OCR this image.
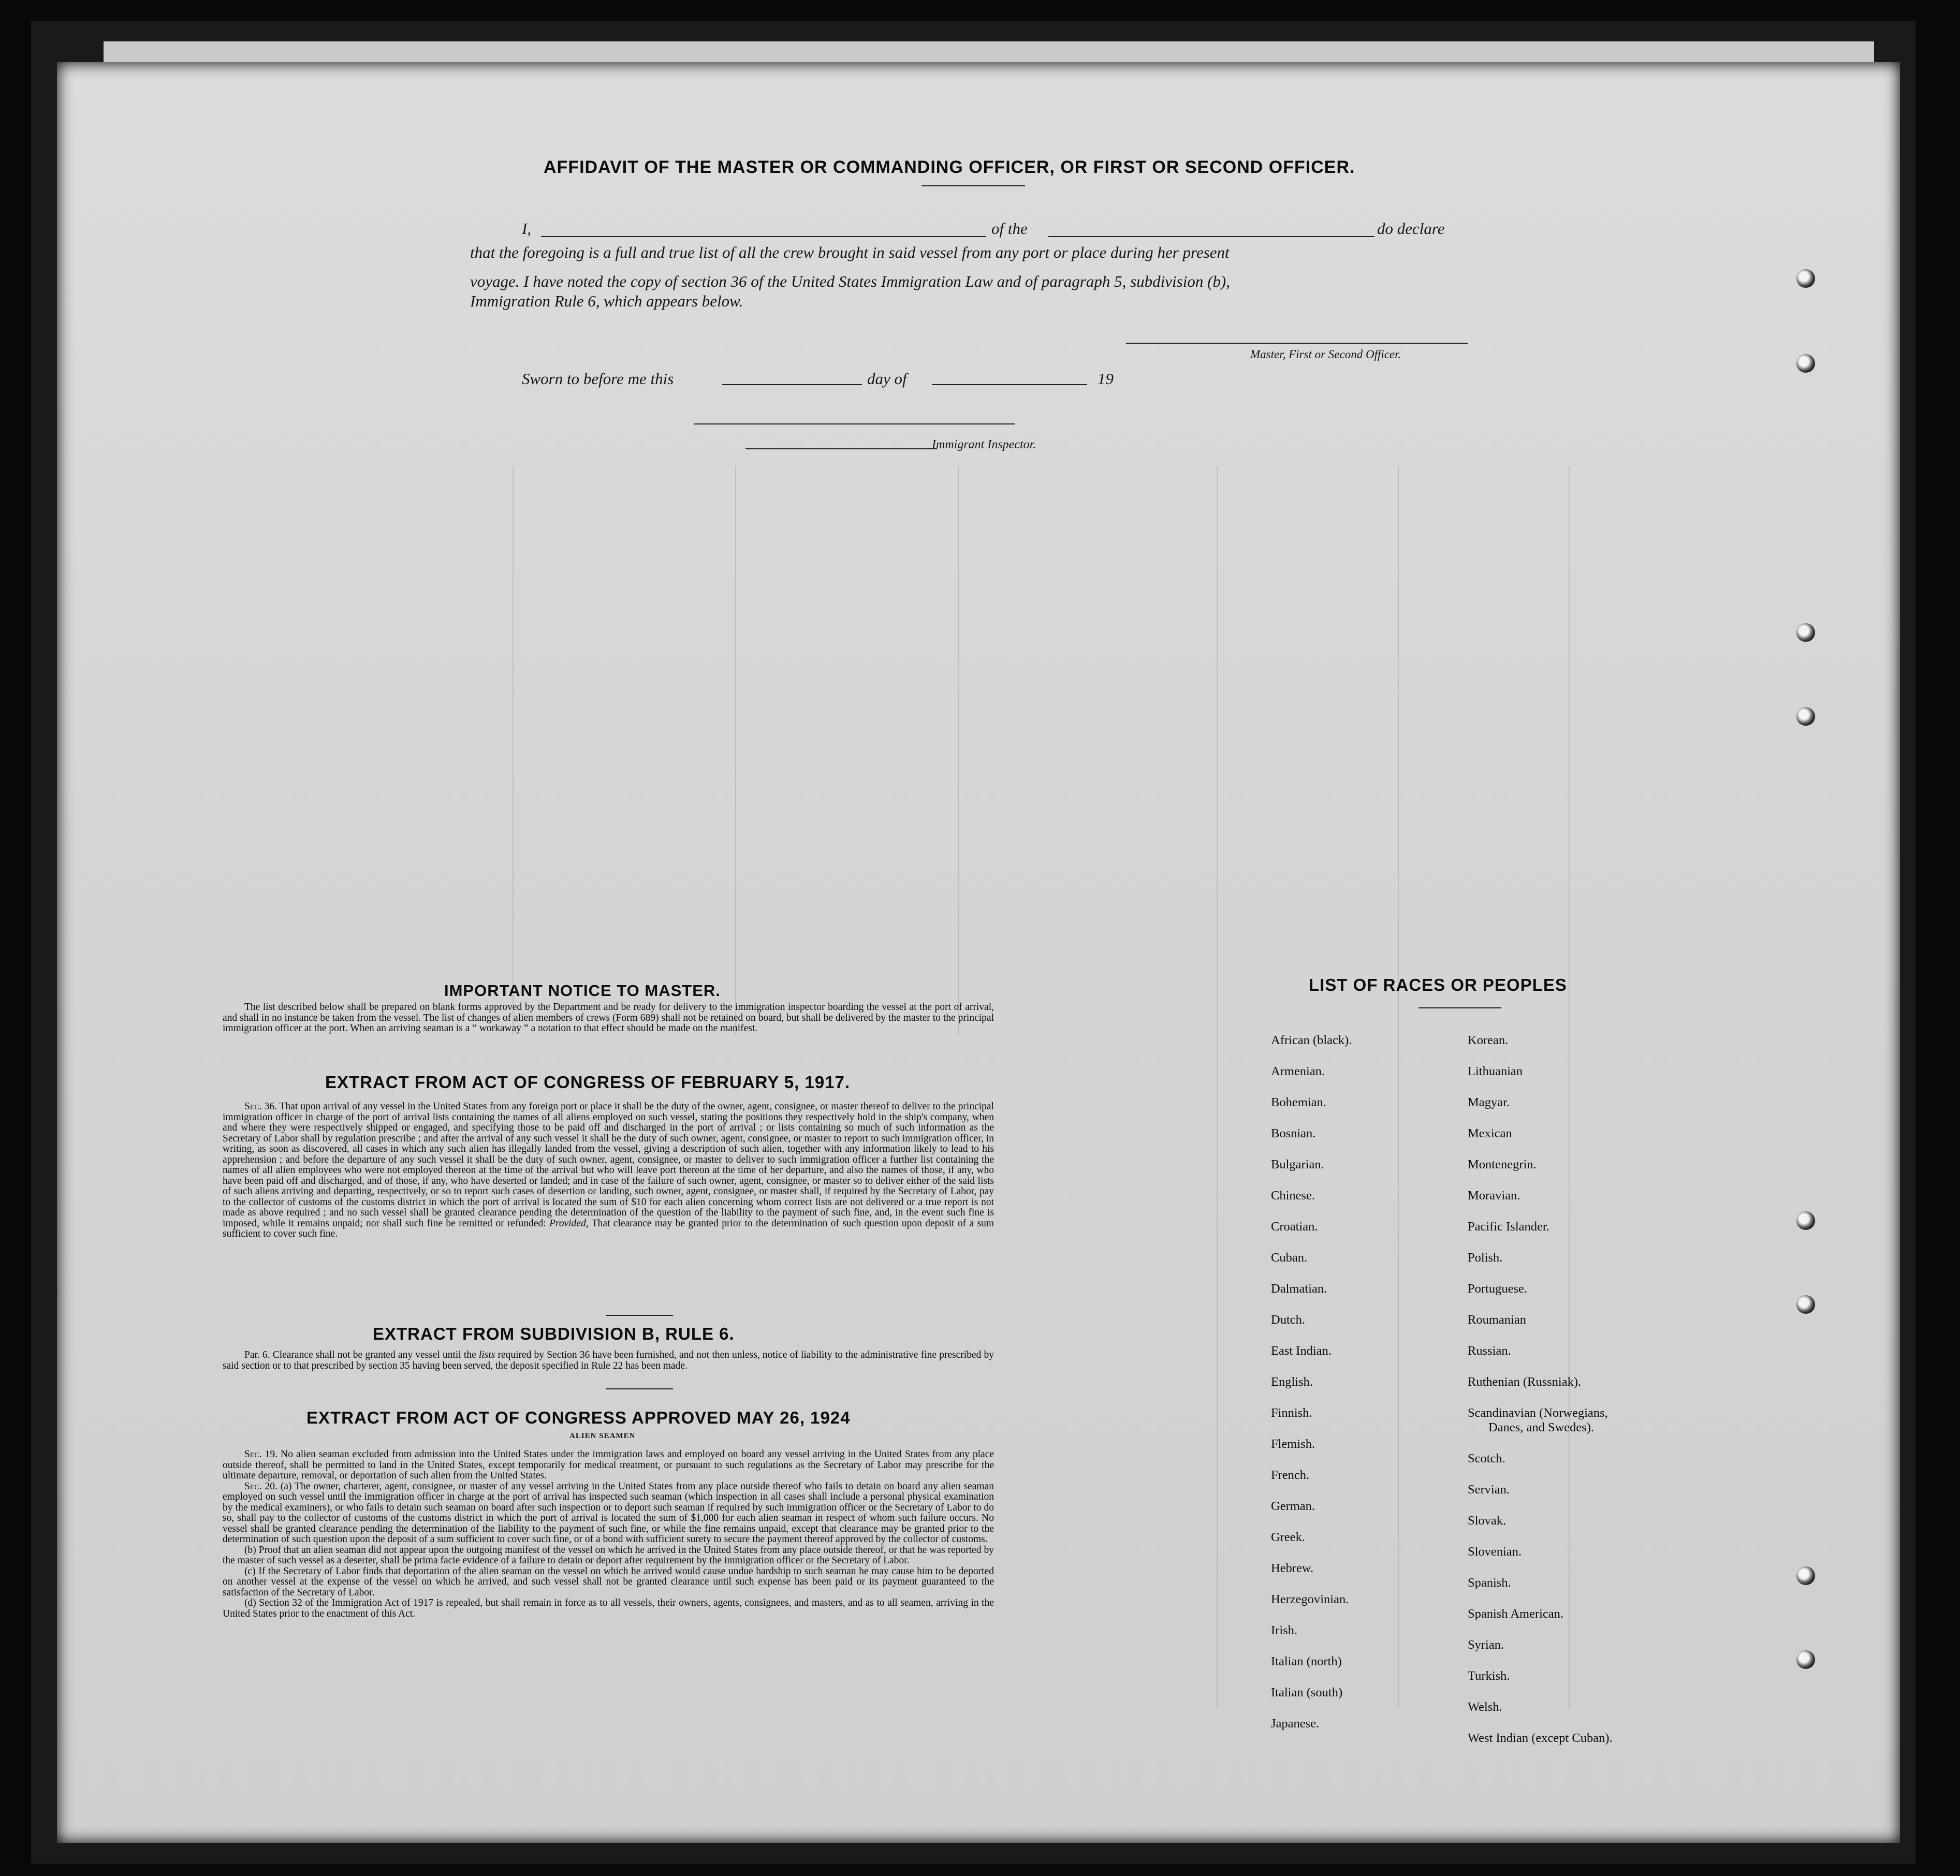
AFFIDAVIT OF THE MASTER OR COMMANDING OFFICER, OR FIRST OR SECOND OFFICER.
I,	of the	do declare
that the foregoing is a full and true list of all the crew brought in said vessel from any port or place during her present
voyage. I have noted the copy of section 36 of the United States Immigration Law and of paragraph 5, subdivision (b),
Immigration Rule 6, which appears below.
Master, First or Second Officer.
Sworn to before me this	day of	19
Immigrant Inspector.
IMPORTANT NOTICE TO MASTER.

The list described below shall be prepared on blank forms approved by the Department and be ready for delivery to the immigration inspector boarding the vessel at the port of arrival, and shall in no instance be taken from the vessel. The list of changes of alien members of crews (Form 689) shall not be retained on board, but shall be delivered by the master to the principal immigration officer at the port. When an arriving seaman is a “ workaway ” a notation to that effect should be made on the manifest.

EXTRACT FROM ACT OF CONGRESS OF FEBRUARY 5, 1917.

Sec. 36. That upon arrival of any vessel in the United States from any foreign port or place it shall be the duty of the owner, agent, consignee, or master thereof to deliver to the principal immigration officer in charge of the port of arrival lists containing the names of all aliens employed on such vessel, stating the positions they respectively hold in the ship's company, when and where they were respectively shipped or engaged, and specifying those to be paid off and discharged in the port of arrival ; or lists containing so much of such information as the Secretary of Labor shall by regulation prescribe ; and after the arrival of any such vessel it shall be the duty of such owner, agent, consignee, or master to report to such immigration officer, in writing, as soon as discovered, all cases in which any such alien has illegally landed from the vessel, giving a description of such alien, together with any information likely to lead to his apprehension ; and before the departure of any such vessel it shall be the duty of such owner, agent, consignee, or master to deliver to such immigration officer a further list containing the names of all alien employees who were not employed thereon at the time of the arrival but who will leave port thereon at the time of her departure, and also the names of those, if any, who have been paid off and discharged, and of those, if any, who have deserted or landed; and in case of the failure of such owner, agent, consignee, or master so to deliver either of the said lists of such aliens arriving and departing, respectively, or so to report such cases of desertion or landing, such owner, agent, consignee, or master shall, if required by the Secretary of Labor, pay to the collector of customs of the customs district in which the port of arrival is located the sum of $10 for each alien concerning whom correct lists are not delivered or a true report is not made as above required ; and no such vessel shall be granted clearance pending the determination of the question of the liability to the payment of such fine, and, in the event such fine is imposed, while it remains unpaid; nor shall such fine be remitted or refunded: Provided, That clearance may be granted prior to the determination of such question upon deposit of a sum sufficient to cover such fine.

EXTRACT FROM SUBDIVISION B, RULE 6.

Par. 6. Clearance shall not be granted any vessel until the lists required by Section 36 have been furnished, and not then unless, notice of liability to the administrative fine prescribed by said section or to that prescribed by section 35 having been served, the deposit specified in Rule 22 has been made.

EXTRACT FROM ACT OF CONGRESS APPROVED MAY 26, 1924
ALIEN SEAMEN

Sec. 19. No alien seaman excluded from admission into the United States under the immigration laws and employed on board any vessel arriving in the United States from any place outside thereof, shall be permitted to land in the United States, except temporarily for medical treatment, or pursuant to such regulations as the Secretary of Labor may prescribe for the ultimate departure, removal, or deportation of such alien from the United States.

Sec. 20. (a) The owner, charterer, agent, consignee, or master of any vessel arriving in the United States from any place outside thereof who fails to detain on board any alien seaman employed on such vessel until the immigration officer in charge at the port of arrival has inspected such seaman (which inspection in all cases shall include a personal physical examination by the medical examiners), or who fails to detain such seaman on board after such inspection or to deport such seaman if required by such immigration officer or the Secretary of Labor to do so, shall pay to the collector of customs of the customs district in which the port of arrival is located the sum of $1,000 for each alien seaman in respect of whom such failure occurs. No vessel shall be granted clearance pending the determination of the liability to the payment of such fine, or while the fine remains unpaid, except that clearance may be granted prior to the determination of such question upon the deposit of a sum sufficient to cover such fine, or of a bond with sufficient surety to secure the payment thereof approved by the collector of customs.

(b) Proof that an alien seaman did not appear upon the outgoing manifest of the vessel on which he arrived in the United States from any place outside thereof, or that he was reported by the master of such vessel as a deserter, shall be prima facie evidence of a failure to detain or deport after requirement by the immigration officer or the Secretary of Labor.

(c) If the Secretary of Labor finds that deportation of the alien seaman on the vessel on which he arrived would cause undue hardship to such seaman he may cause him to be deported on another vessel at the expense of the vessel on which he arrived, and such vessel shall not be granted clearance until such expense has been paid or its payment guaranteed to the satisfaction of the Secretary of Labor.

(d) Section 32 of the Immigration Act of 1917 is repealed, but shall remain in force as to all vessels, their owners, agents, consignees, and masters, and as to all seamen, arriving in the United States prior to the enactment of this Act.

LIST OF RACES OR PEOPLES
African (black).
Armenian.
Bohemian.
Bosnian.
Bulgarian.
Chinese.
Croatian.
Cuban.
Dalmatian.
Dutch.
East Indian.
English.
Finnish.
Flemish.
French.
German.
Greek.
Hebrew.
Herzegovinian.
Irish.
Italian (north)
Italian (south)
Japanese.
Korean.
Lithuanian
Magyar.
Mexican
Montenegrin.
Moravian.
Pacific Islander.
Polish.
Portuguese.
Roumanian
Russian.
Ruthenian (Russniak).
Scandinavian (Norwegians,
Danes, and Swedes).
Scotch.
Servian.
Slovak.
Slovenian.
Spanish.
Spanish American.
Syrian.
Turkish.
Welsh.
West Indian (except Cuban).
